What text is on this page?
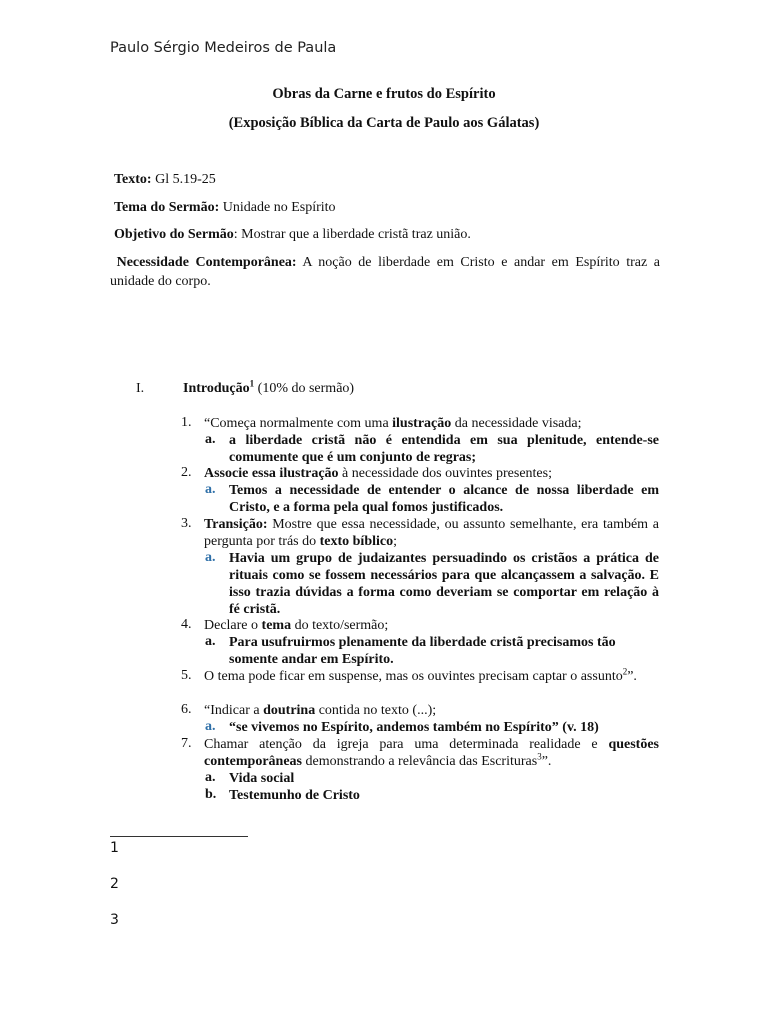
Paulo Sérgio Medeiros de Paula
Obras da Carne e frutos do Espírito
(Exposição Bíblica da Carta de Paulo aos Gálatas)
Texto: Gl 5.19-25
Tema do Sermão: Unidade no Espírito
Objetivo do Sermão: Mostrar que a liberdade cristã traz união.
Necessidade Contemporânea: A noção de liberdade em Cristo e andar em Espírito traz a unidade do corpo.
I.	Introdução$^1$ (10% do sermão)
1. “Começa normalmente com uma ilustração da necessidade visada;
a. a liberdade cristã não é entendida em sua plenitude, entende-se comumente que é um conjunto de regras;
2. Associe essa ilustração à necessidade dos ouvintes presentes;
a. Temos a necessidade de entender o alcance de nossa liberdade em Cristo, e a forma pela qual fomos justificados.
3. Transição: Mostre que essa necessidade, ou assunto semelhante, era também a pergunta por trás do texto bíblico;
a. Havia um grupo de judaizantes persuadindo os cristãos a prática de rituais como se fossem necessários para que alcançassem a salvação. E isso trazia dúvidas a forma como deveriam se comportar em relação à fé cristã.
4. Declare o tema do texto/sermão;
a. Para usufruirmos plenamente da liberdade cristã precisamos tão somente andar em Espírito.
5. O tema pode ficar em suspense, mas os ouvintes precisam captar o assunto$^2$”.
6. “Indicar a doutrina contida no texto (...);
a. “se vivemos no Espírito, andemos também no Espírito” (v. 18)
7. Chamar atenção da igreja para uma determinada realidade e questões contemporâneas demonstrando a relevância das Escrituras$^3$”.
a. Vida social
b. Testemunho de Cristo
1
2
3
